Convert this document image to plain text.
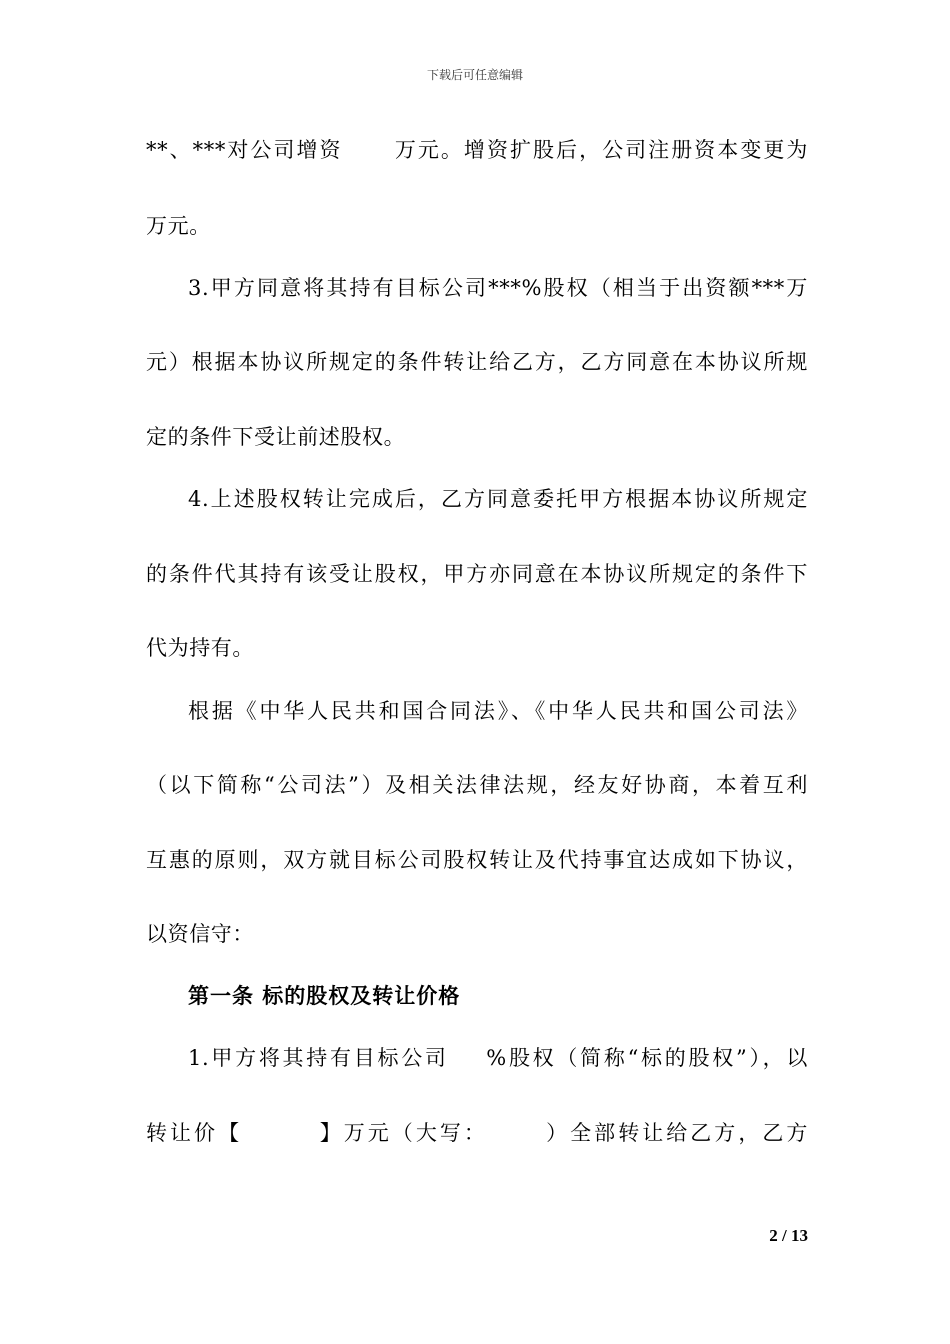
下载后可任意编辑
**、***对公司增资      万元。增资扩股后，公司注册资本变更为
万元。
3.甲方同意将其持有目标公司***%股权（相当于出资额***万
元）根据本协议所规定的条件转让给乙方，乙方同意在本协议所规
定的条件下受让前述股权。
4.上述股权转让完成后，乙方同意委托甲方根据本协议所规定
的条件代其持有该受让股权，甲方亦同意在本协议所规定的条件下
代为持有。
根据《中华人民共和国合同法》、《中华人民共和国公司法》
（以下简称“公司法”）及相关法律法规，经友好协商，本着互利
互惠的原则，双方就目标公司股权转让及代持事宜达成如下协议，
以资信守：
第一条 标的股权及转让价格
1.甲方将其持有目标公司    %股权（简称“标的股权”），以
转让价【        】万元（大写：      ）全部转让给乙方，乙方
2 / 13
